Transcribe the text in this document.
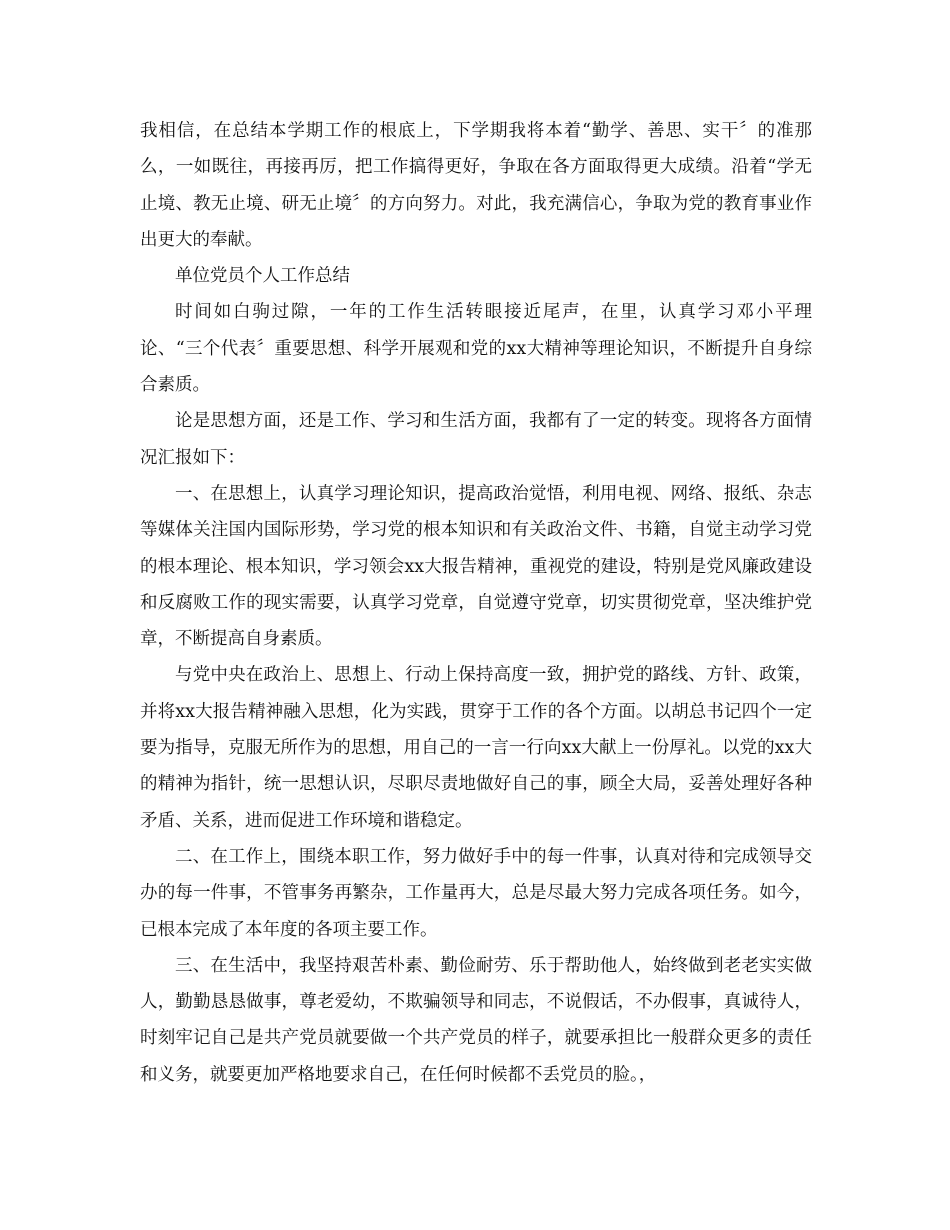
我相信，在总结本学期工作的根底上，下学期我将本着“勤学、善思、实干〞的准那么，一如既往，再接再厉，把工作搞得更好，争取在各方面取得更大成绩。沿着“学无止境、教无止境、研无止境〞的方向努力。对此，我充满信心，争取为党的教育事业作出更大的奉献。

单位党员个人工作总结

时间如白驹过隙，一年的工作生活转眼接近尾声，在里，认真学习邓小平理论、“三个代表〞重要思想、科学开展观和党的xx大精神等理论知识，不断提升自身综合素质。

论是思想方面，还是工作、学习和生活方面，我都有了一定的转变。现将各方面情况汇报如下：

一、在思想上，认真学习理论知识，提高政治觉悟，利用电视、网络、报纸、杂志等媒体关注国内国际形势，学习党的根本知识和有关政治文件、书籍，自觉主动学习党的根本理论、根本知识，学习领会xx大报告精神，重视党的建设，特别是党风廉政建设和反腐败工作的现实需要，认真学习党章，自觉遵守党章，切实贯彻党章，坚决维护党章，不断提高自身素质。

与党中央在政治上、思想上、行动上保持高度一致，拥护党的路线、方针、政策，并将xx大报告精神融入思想，化为实践，贯穿于工作的各个方面。以胡总书记四个一定要为指导，克服无所作为的思想，用自己的一言一行向xx大献上一份厚礼。以党的xx大的精神为指针，统一思想认识，尽职尽责地做好自己的事，顾全大局，妥善处理好各种矛盾、关系，进而促进工作环境和谐稳定。

二、在工作上，围绕本职工作，努力做好手中的每一件事，认真对待和完成领导交办的每一件事，不管事务再繁杂，工作量再大，总是尽最大努力完成各项任务。如今，已根本完成了本年度的各项主要工作。

三、在生活中，我坚持艰苦朴素、勤俭耐劳、乐于帮助他人，始终做到老老实实做人，勤勤恳恳做事，尊老爱幼，不欺骗领导和同志，不说假话，不办假事，真诚待人，时刻牢记自己是共产党员就要做一个共产党员的样子，就要承担比一般群众更多的责任和义务，就要更加严格地要求自己，在任何时候都不丢党员的脸。，
